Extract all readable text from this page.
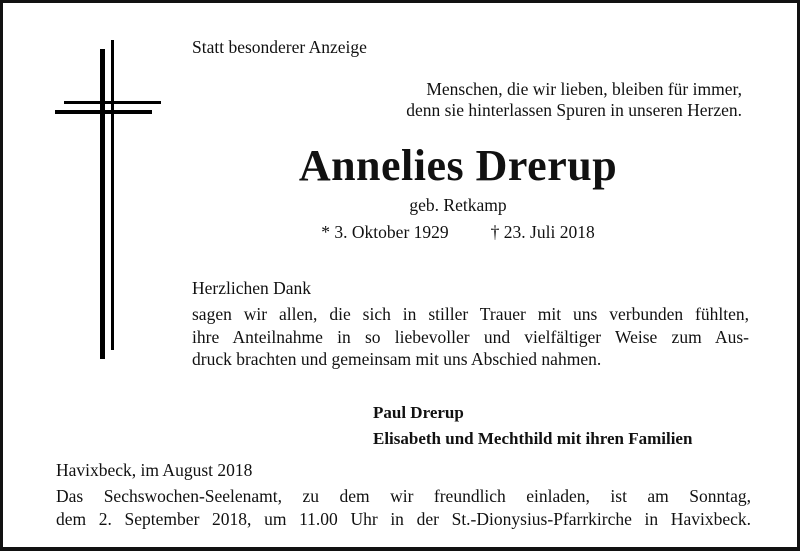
Statt besonderer Anzeige
Menschen, die wir lieben, bleiben für immer,
denn sie hinterlassen Spuren in unseren Herzen.
Annelies Drerup
geb. Retkamp
* 3. Oktober 1929 † 23. Juli 2018
Herzlichen Dank
sagen wir allen, die sich in stiller Trauer mit uns verbunden fühlten,
ihre Anteilnahme in so liebevoller und vielfältiger Weise zum Aus-
druck brachten und gemeinsam mit uns Abschied nahmen.
Paul Drerup
Elisabeth und Mechthild mit ihren Familien
Havixbeck, im August 2018
Das Sechswochen-Seelenamt, zu dem wir freundlich einladen, ist am Sonntag,
dem 2. September 2018, um 11.00 Uhr in der St.-Dionysius-Pfarrkirche in Havixbeck.
